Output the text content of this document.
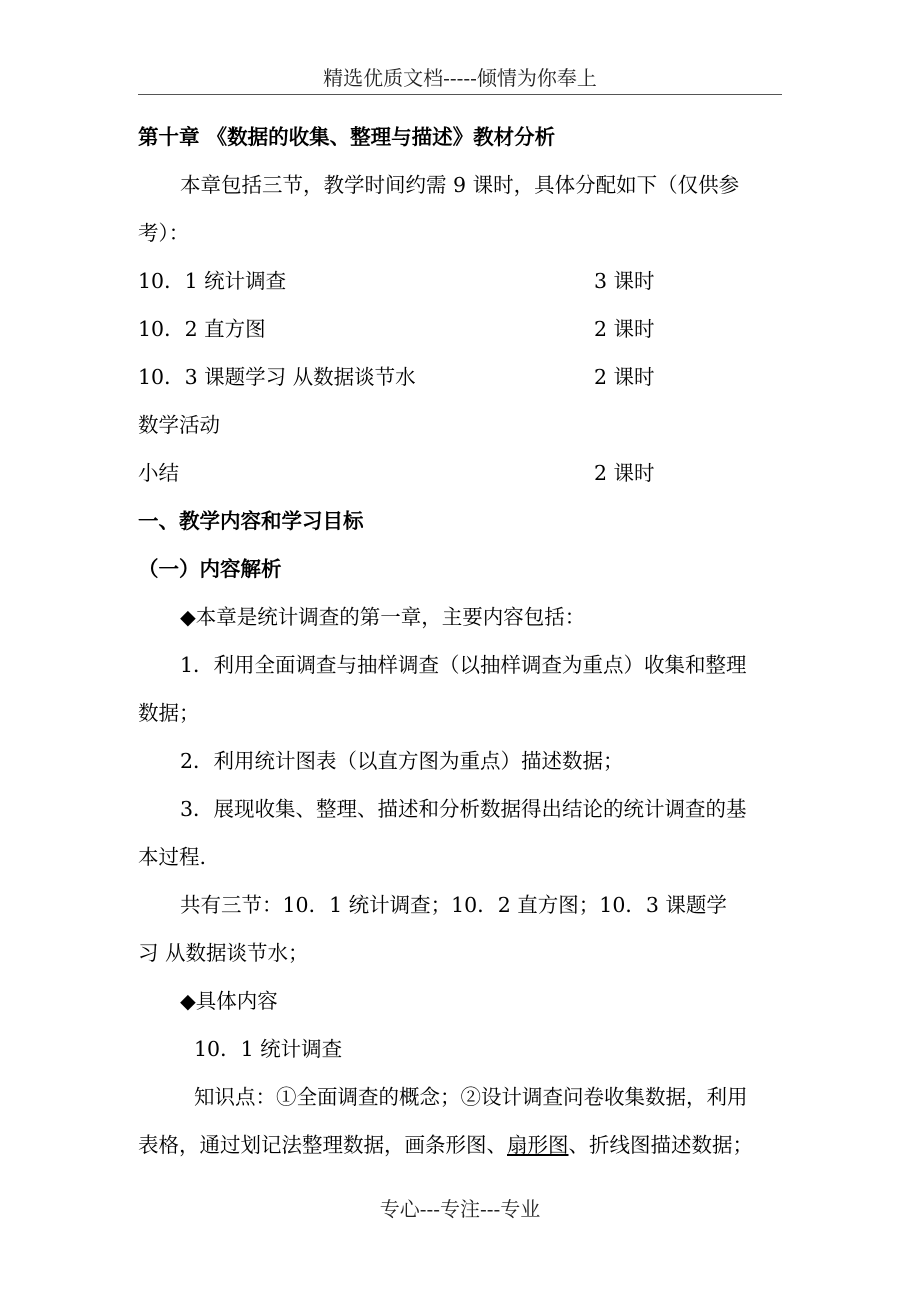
精选优质文档-----倾情为你奉上
第十章 《数据的收集、整理与描述》教材分析
本章包括三节，教学时间约需 9 课时，具体分配如下（仅供参
考）：
10．1 统计调查	3 课时
10．2 直方图	2 课时
10．3 课题学习 从数据谈节水	2 课时
数学活动
小结	2 课时
一、教学内容和学习目标
（一）内容解析
◆本章是统计调查的第一章，主要内容包括：
1．利用全面调查与抽样调查（以抽样调查为重点）收集和整理
数据；
2．利用统计图表（以直方图为重点）描述数据；
3．展现收集、整理、描述和分析数据得出结论的统计调查的基
本过程.
共有三节：10．1 统计调查；10．2 直方图；10．3 课题学
习 从数据谈节水；
◆具体内容
10．1 统计调查
知识点：①全面调查的概念；②设计调查问卷收集数据，利用
表格，通过划记法整理数据，画条形图、扇形图、折线图描述数据；
专心---专注---专业
